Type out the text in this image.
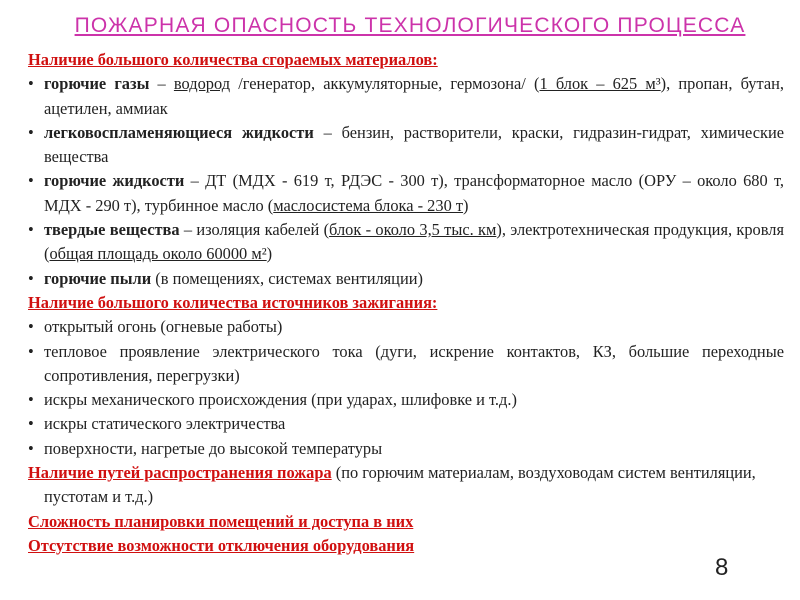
ПОЖАРНАЯ ОПАСНОСТЬ ТЕХНОЛОГИЧЕСКОГО ПРОЦЕССА
Наличие большого количества сгораемых материалов:
• горючие газы – водород /генератор, аккумуляторные, гермозона/ (1 блок – 625 м³), пропан, бутан, ацетилен, аммиак
• легковоспламеняющиеся жидкости – бензин, растворители, краски, гидразин-гидрат, химические вещества
• горючие жидкости – ДТ (МДХ - 619 т, РДЭС - 300 т), трансформаторное масло (ОРУ – около 680 т, МДХ - 290 т), турбинное масло (маслосистема блока - 230 т)
• твердые вещества – изоляция кабелей (блок - около 3,5 тыс. км), электротехническая продукция, кровля (общая площадь около 60000 м²)
• горючие пыли (в помещениях, системах вентиляции)
Наличие большого количества источников зажигания:
• открытый огонь (огневые работы)
• тепловое проявление электрического тока (дуги, искрение контактов, КЗ, большие переходные сопротивления, перегрузки)
• искры механического происхождения (при ударах, шлифовке и т.д.)
• искры статического электричества
• поверхности, нагретые до высокой температуры
Наличие путей распространения пожара (по горючим материалам, воздуховодам систем вентиляции, пустотам и т.д.)
Сложность планировки помещений и доступа в них
Отсутствие возможности отключения оборудования
8
